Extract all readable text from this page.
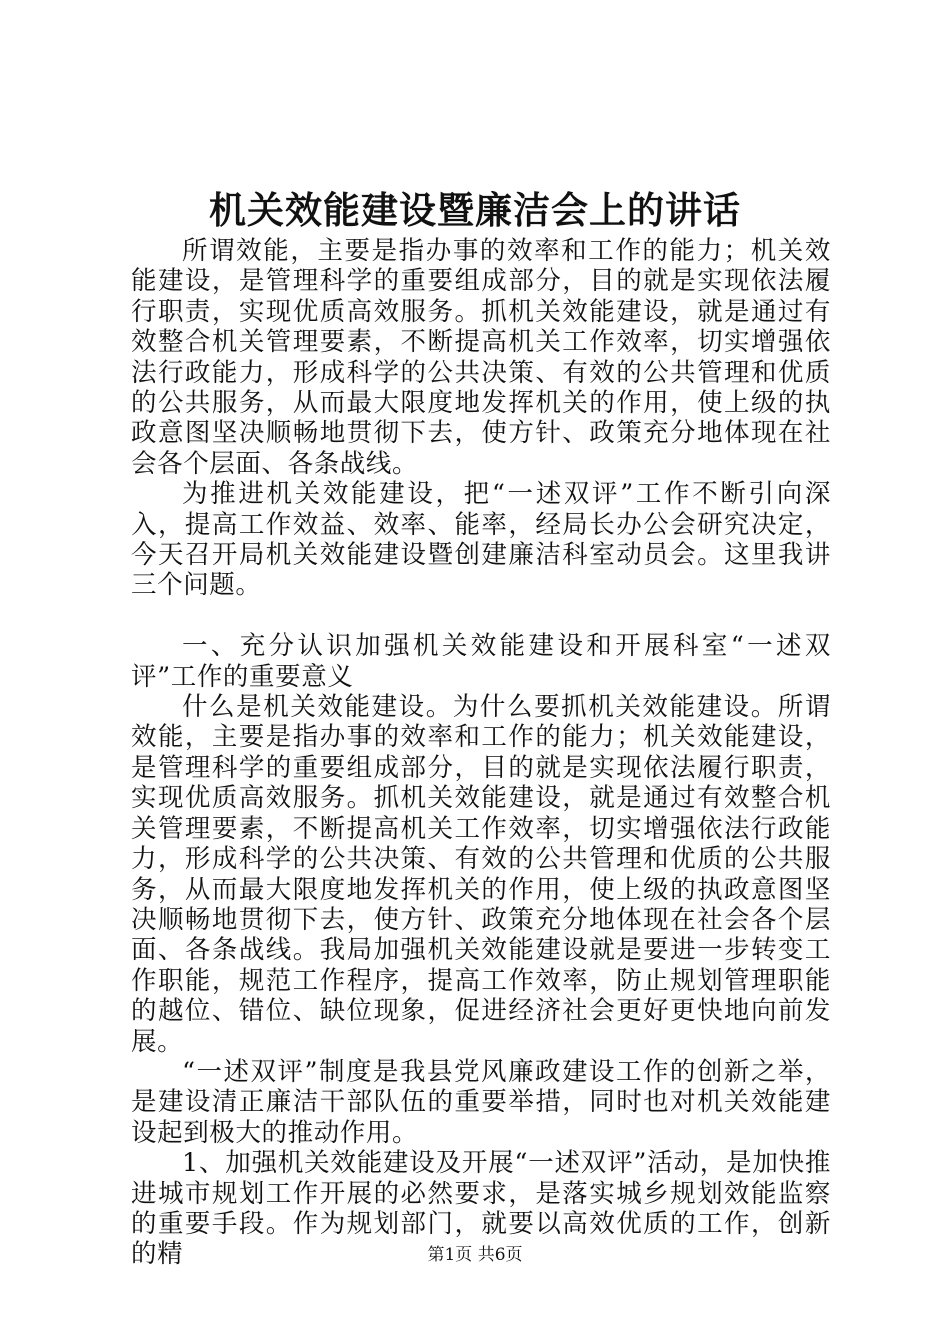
机关效能建设暨廉洁会上的讲话

所谓效能，主要是指办事的效率和工作的能力；机关效能建设，是管理科学的重要组成部分，目的就是实现依法履行职责，实现优质高效服务。抓机关效能建设，就是通过有效整合机关管理要素，不断提高机关工作效率，切实增强依法行政能力，形成科学的公共决策、有效的公共管理和优质的公共服务，从而最大限度地发挥机关的作用，使上级的执政意图坚决顺畅地贯彻下去，使方针、政策充分地体现在社会各个层面、各条战线。

为推进机关效能建设，把“一述双评”工作不断引向深入，提高工作效益、效率、能率，经局长办公会研究决定，今天召开局机关效能建设暨创建廉洁科室动员会。这里我讲三个问题。

一、充分认识加强机关效能建设和开展科室“一述双评”工作的重要意义

什么是机关效能建设。为什么要抓机关效能建设。所谓效能，主要是指办事的效率和工作的能力；机关效能建设，是管理科学的重要组成部分，目的就是实现依法履行职责，实现优质高效服务。抓机关效能建设，就是通过有效整合机关管理要素，不断提高机关工作效率，切实增强依法行政能力，形成科学的公共决策、有效的公共管理和优质的公共服务，从而最大限度地发挥机关的作用，使上级的执政意图坚决顺畅地贯彻下去，使方针、政策充分地体现在社会各个层面、各条战线。我局加强机关效能建设就是要进一步转变工作职能，规范工作程序，提高工作效率，防止规划管理职能的越位、错位、缺位现象，促进经济社会更好更快地向前发展。

“一述双评”制度是我县党风廉政建设工作的创新之举，是建设清正廉洁干部队伍的重要举措，同时也对机关效能建设起到极大的推动作用。

1、加强机关效能建设及开展“一述双评”活动，是加快推进城市规划工作开展的必然要求，是落实城乡规划效能监察的重要手段。作为规划部门，就要以高效优质的工作，创新的精	第1页 共6页
